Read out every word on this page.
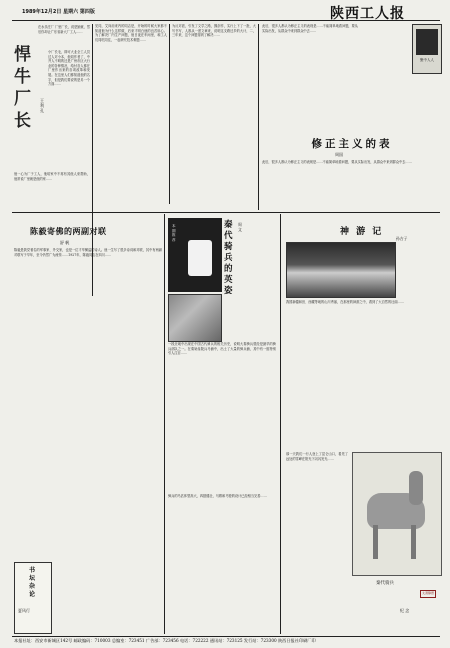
1989年12月2日 星期六 第四版	陕西工人报
在水乐庄厂 厂里厂长，说是她就，然后你却让广东省新大厂工人……
悍牛厂长
王利 孔
小厂长毛，即可大业全工人员过人对小本，他同作者了，中并人不明的还是广州市区大行业的各种情况，给付各人都在厂里作出来的各项改革和发展。在这里人们都知道他的名字，但是我们要说的是另一个方面……
他一心为厂子工人，他给家中不再有其他人来帮助，他常说厂里就是他的家……
见同，艾向前来内的同志是，开始的时候大家都不知道他为什么这样做，后来才明白他的良苦用心。为了解决厂内生产问题，他日夜在车间里，和工人们同吃同住，一起研究技术难题……
为反对派，引发了文学之路，拂剑作，实行上下了一批，大写书写，人都从一度文章来，说明这支路还乡的大计，二，三年来，这个问题得到了解决……
此后，很多人都认为修正主义的表现是……不能简单地看问题，要从实际出发，从群众中来到群众中去……
修正主义的表
周国
此后，很多人都认为修正主义的表现是……不能简单地看问题，要从实际出发，从群众中来到群众中去……
聚中人人
陈毅寄佛的两副对联
舒 帆
陈毅是我党著名的军事家、外交家，也是一位才华横溢的诗人。他一生写了很多诗词和对联，其中有两副对联写于早年，至今仍然广为流传……1927年，陈毅同志在四川……
书坛杂论
夏风行
本期推荐
秦代骑兵的英姿
周文
一段北地中出现在中国古代骑兵的相关历史，说明大秦骑兵曾经是最早的骑兵部队之一。在秦始皇陵兵马俑中，出土了大量的骑兵俑，其中有一组特别引人注目……
骑兵的马匹体型高大，四肢健壮，马鞍和马镫的设计已经相当完善……
神 游 记
孙吉子
我国新疆和田、西藏等地的山川秀丽，在那里的神游之中，看到了大自然的壮丽……
秦代骑兵
太清静德
那一天我们一行人登上了昆仑山口，看见了远处的雪峰在阳光下闪闪发光……
纪 念
本报社址：西安市新城区142号 邮政编码：710003 总编室：723451 广告部：723456 电话：722222 通讯站：723125 发行站：723300 陕西日报社印刷厂印
